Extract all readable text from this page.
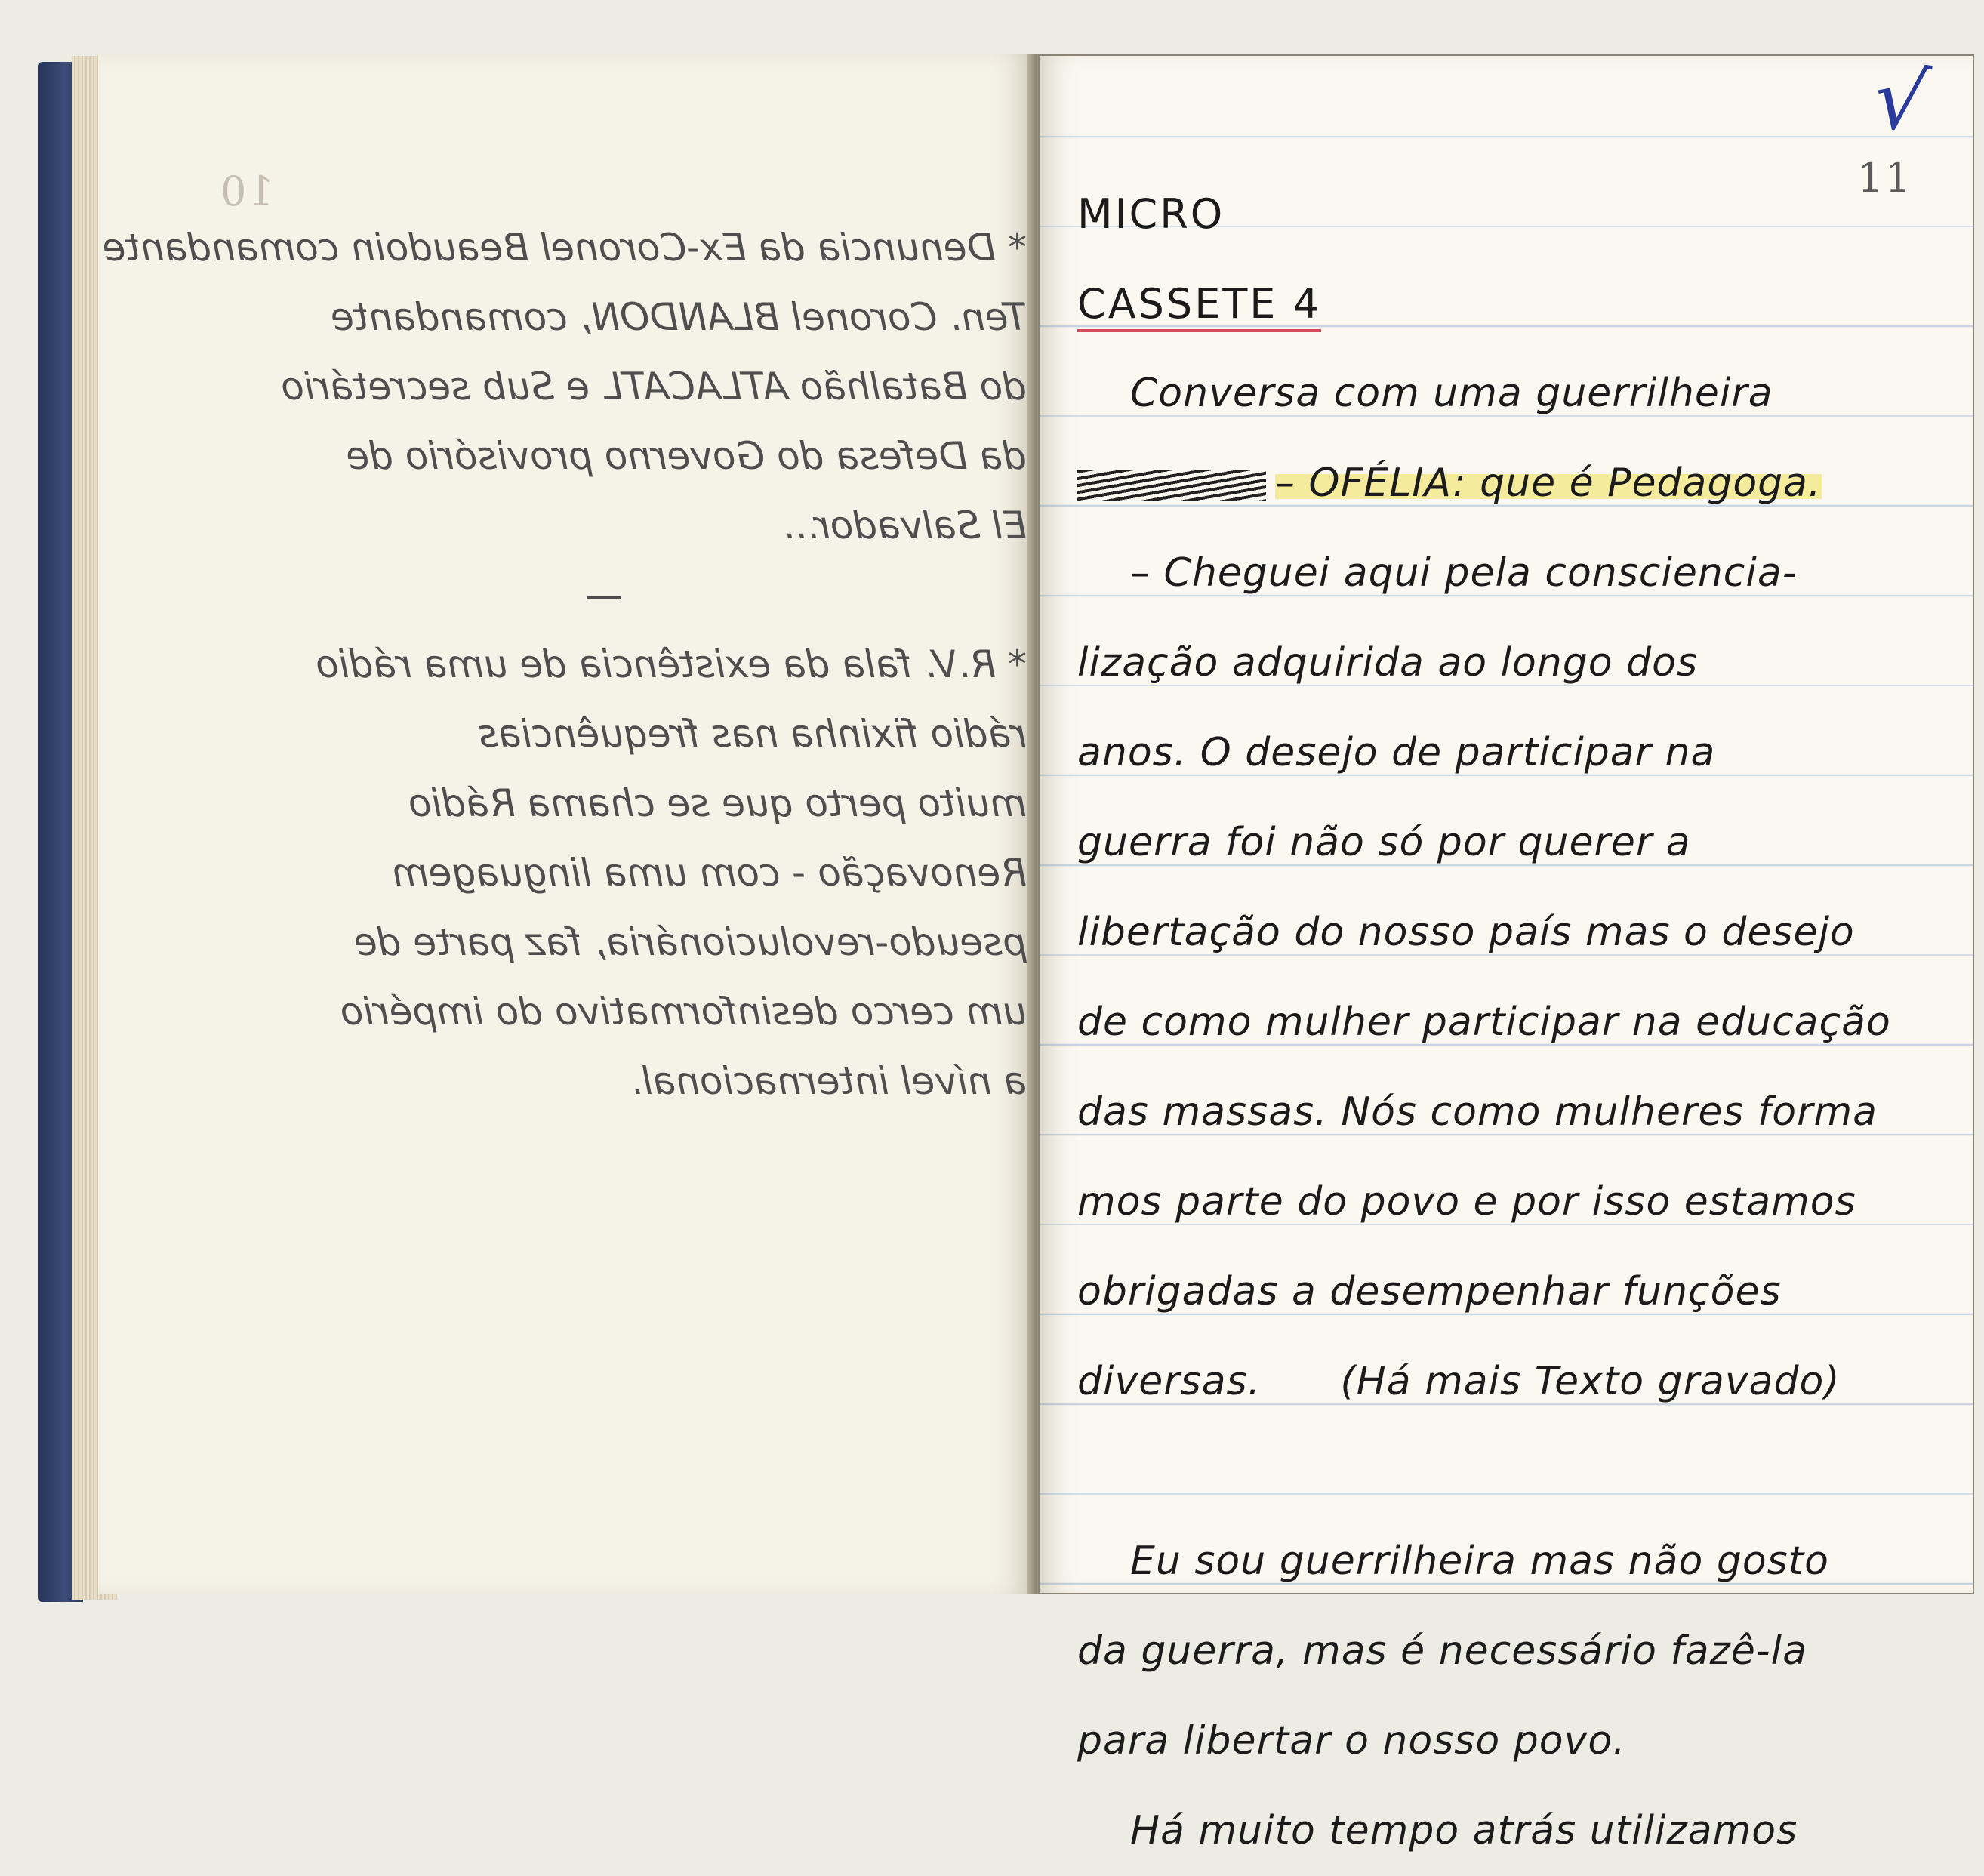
10
* Denuncia da Ex-Coronel Beaudoin comandante
Ten. Coronel BLANDON, comandante
do Batalhão ATLACATL e Sub secretário
da Defesa do Governo provisório de
El Salvador...
—
* R.V. fala da existência de uma rádio
rádio fixinha nas frequências
muito perto que se chama Rádio
Renovação - com uma linguagem
pseudo-revolucionária, faz parte de
um cerco desinformativo do império
a nível internacional.
√
11
MICRO
CASSETE 4
Conversa com uma guerrilheira
– OFÉLIA: que é Pedagoga.
– Cheguei aqui pela consciencia-
lização adquirida ao longo dos
anos. O desejo de participar na
guerra foi não só por querer a
libertação do nosso país mas o desejo
de como mulher participar na educação
das massas. Nós como mulheres forma
mos parte do povo e por isso estamos
obrigadas a desempenhar funções
diversas.      (Há mais Texto gravado)
Eu sou guerrilheira mas não gosto
da guerra, mas é necessário fazê-la
para libertar o nosso povo.
Há muito tempo atrás utilizamos
